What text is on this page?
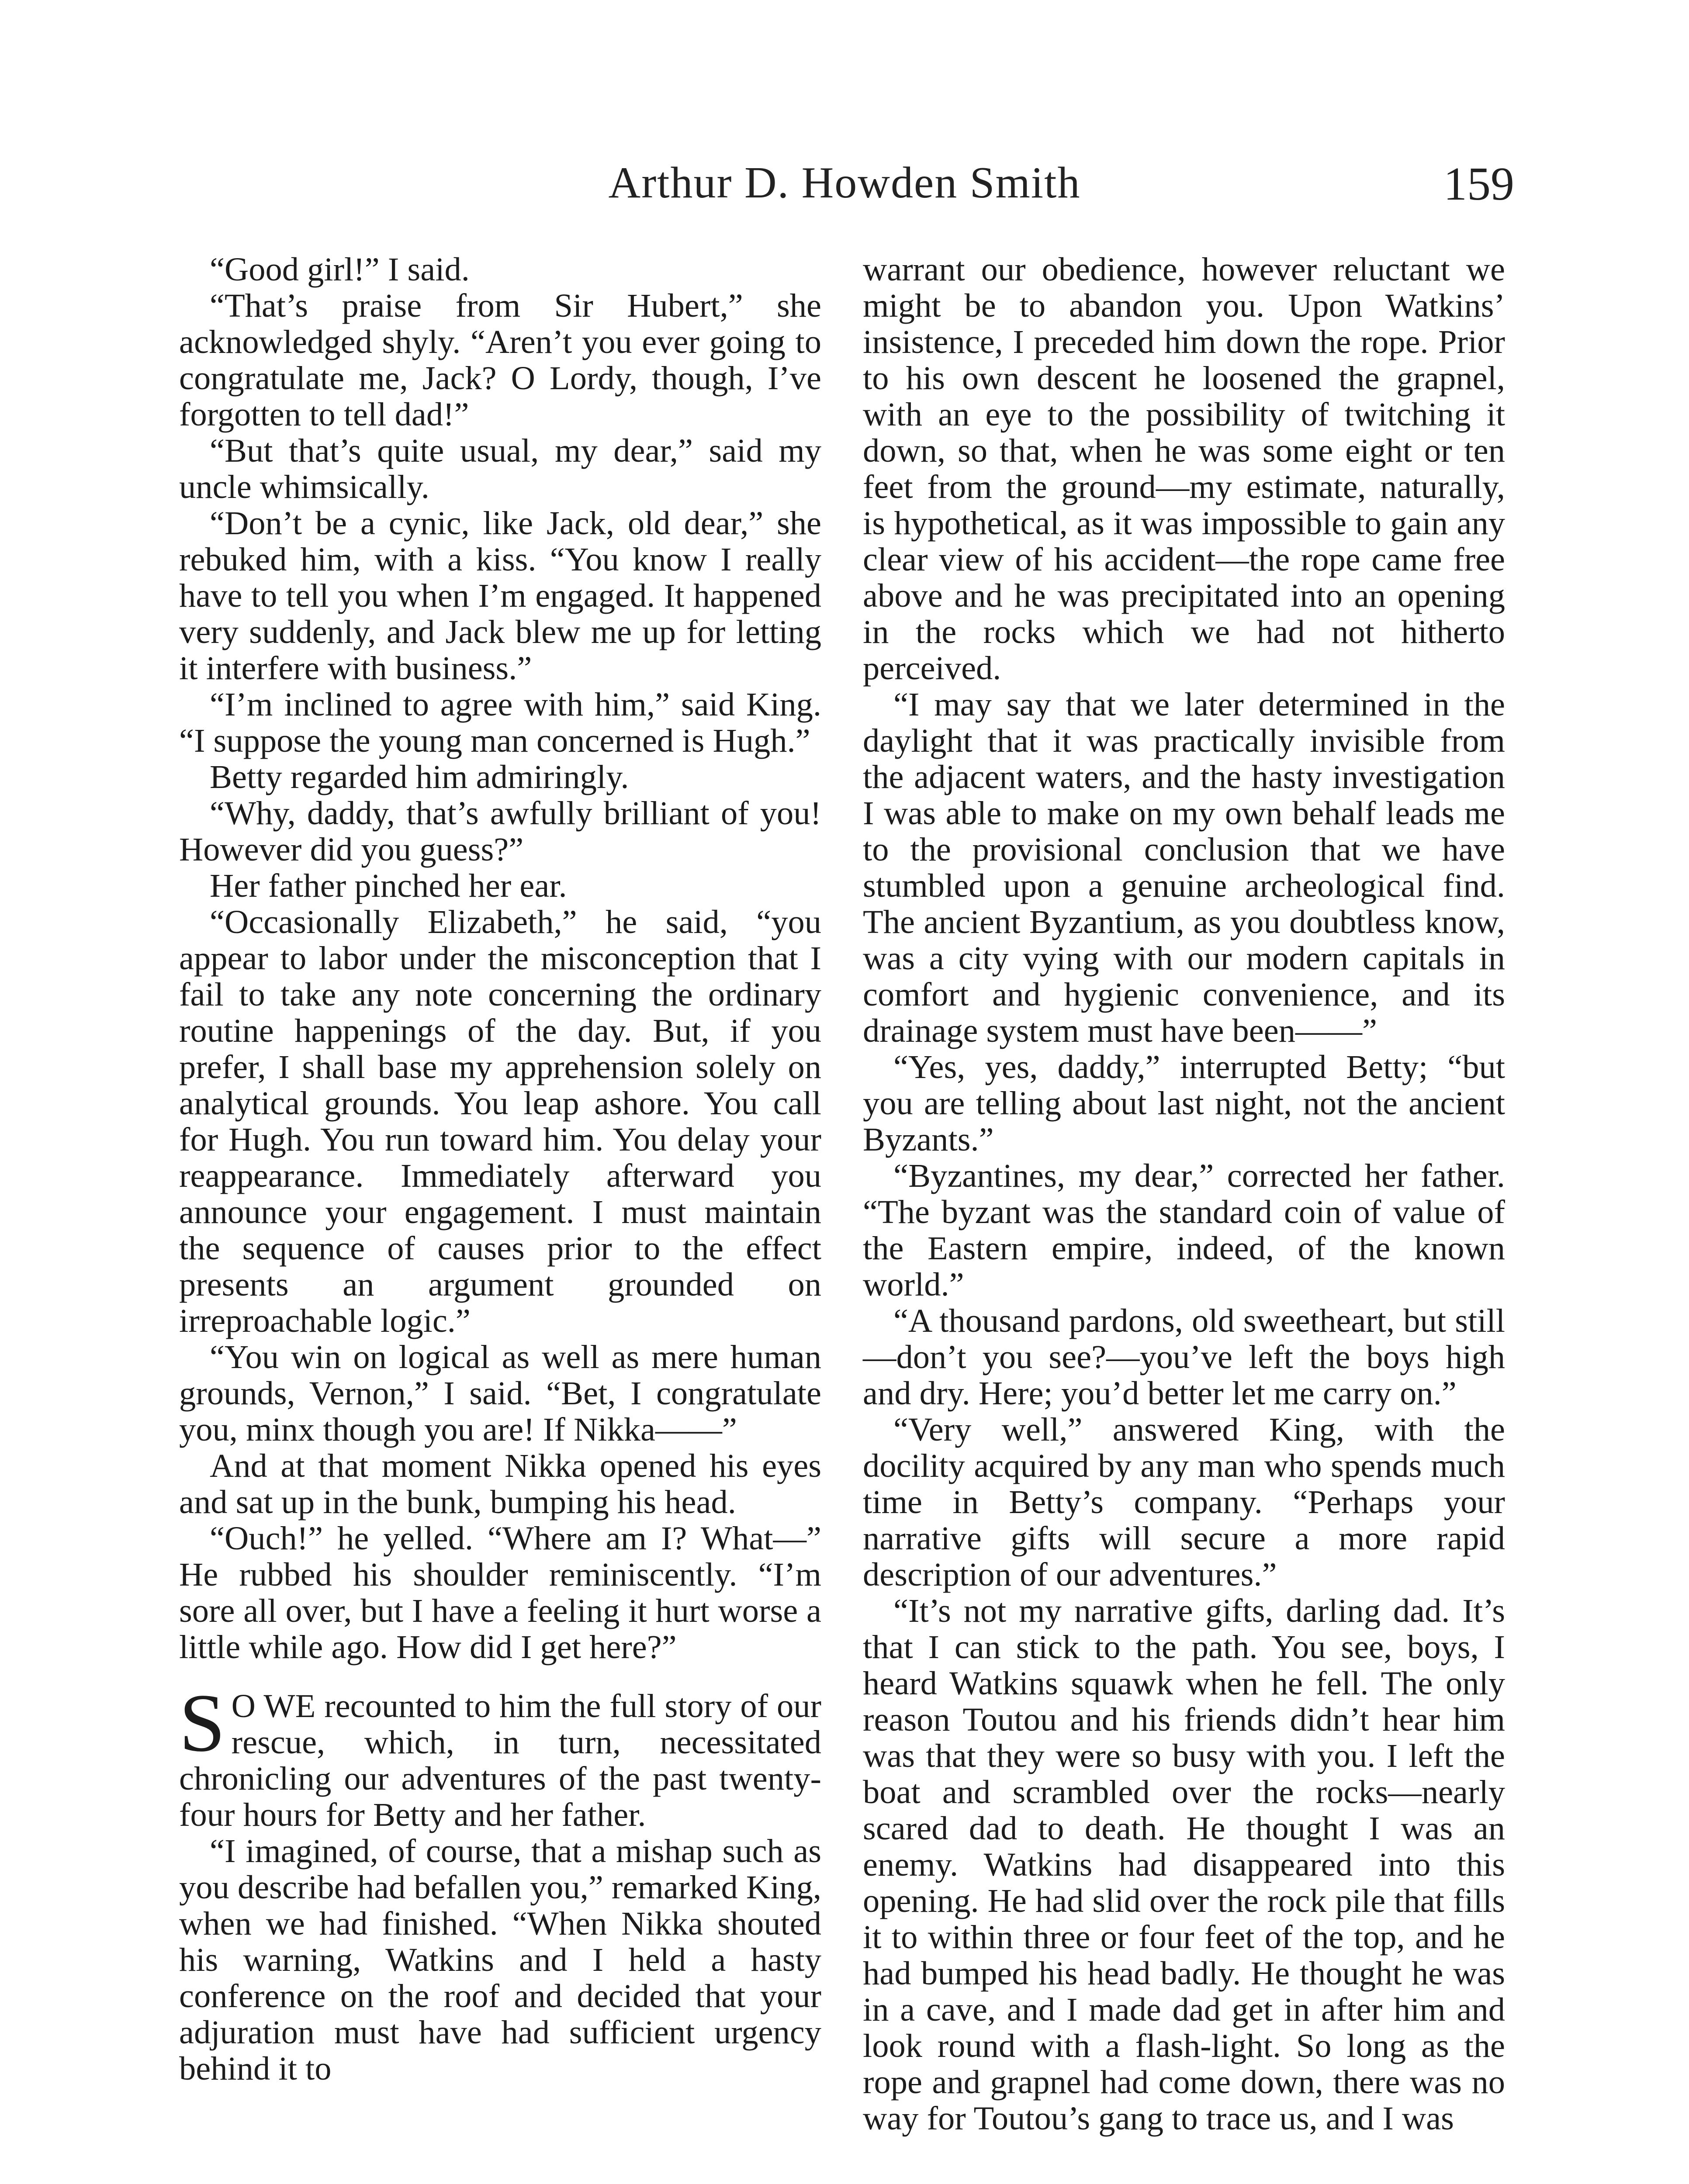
Arthur D. Howden Smith	159

“Good girl!” I said.

“That’s praise from Sir Hubert,” she acknowledged shyly. “Aren’t you ever going to congratulate me, Jack? O Lordy, though, I’ve forgotten to tell dad!”

“But that’s quite usual, my dear,” said my uncle whimsically.

“Don’t be a cynic, like Jack, old dear,” she rebuked him, with a kiss. “You know I really have to tell you when I’m engaged. It happened very suddenly, and Jack blew me up for letting it interfere with business.”

“I’m inclined to agree with him,” said King. “I suppose the young man concerned is Hugh.”

Betty regarded him admiringly.

“Why, daddy, that’s awfully brilliant of you! However did you guess?”

Her father pinched her ear.

“Occasionally Elizabeth,” he said, “you appear to labor under the misconception that I fail to take any note concerning the ordinary routine happenings of the day. But, if you prefer, I shall base my apprehension solely on analytical grounds. You leap ashore. You call for Hugh. You run toward him. You delay your reappearance. Immediately afterward you announce your engagement. I must maintain the sequence of causes prior to the effect presents an argument grounded on irreproachable logic.”

“You win on logical as well as mere human grounds, Vernon,” I said. “Bet, I congratulate you, minx though you are! If Nikka——”

And at that moment Nikka opened his eyes and sat up in the bunk, bumping his head.

“Ouch!” he yelled. “Where am I? What—” He rubbed his shoulder reminiscently. “I’m sore all over, but I have a feeling it hurt worse a little while ago. How did I get here?”

S O WE recounted to him the full story of our rescue, which, in turn, necessitated chronicling our adventures of the past twenty-four hours for Betty and her father.

“I imagined, of course, that a mishap such as you describe had befallen you,” remarked King, when we had finished. “When Nikka shouted his warning, Watkins and I held a hasty conference on the roof and decided that your adjuration must have had sufficient urgency behind it to

warrant our obedience, however reluctant we might be to abandon you. Upon Watkins’ insistence, I preceded him down the rope. Prior to his own descent he loosened the grapnel, with an eye to the possibility of twitching it down, so that, when he was some eight or ten feet from the ground—my estimate, naturally, is hypothetical, as it was impossible to gain any clear view of his accident—the rope came free above and he was precipitated into an opening in the rocks which we had not hitherto perceived.

“I may say that we later determined in the daylight that it was practically invisible from the adjacent waters, and the hasty investigation I was able to make on my own behalf leads me to the provisional conclusion that we have stumbled upon a genuine archeological find. The ancient Byzantium, as you doubtless know, was a city vying with our modern capitals in comfort and hygienic convenience, and its drainage system must have been——”

“Yes, yes, daddy,” interrupted Betty; “but you are telling about last night, not the ancient Byzants.”

“Byzantines, my dear,” corrected her father. “The byzant was the standard coin of value of the Eastern empire, indeed, of the known world.”

“A thousand pardons, old sweetheart, but still—don’t you see?—you’ve left the boys high and dry. Here; you’d better let me carry on.”

“Very well,” answered King, with the docility acquired by any man who spends much time in Betty’s company. “Perhaps your narrative gifts will secure a more rapid description of our adventures.”

“It’s not my narrative gifts, darling dad. It’s that I can stick to the path. You see, boys, I heard Watkins squawk when he fell. The only reason Toutou and his friends didn’t hear him was that they were so busy with you. I left the boat and scrambled over the rocks—nearly scared dad to death. He thought I was an enemy. Watkins had disappeared into this opening. He had slid over the rock pile that fills it to within three or four feet of the top, and he had bumped his head badly. He thought he was in a cave, and I made dad get in after him and look round with a flash-light. So long as the rope and grapnel had come down, there was no way for Toutou’s gang to trace us, and I was
